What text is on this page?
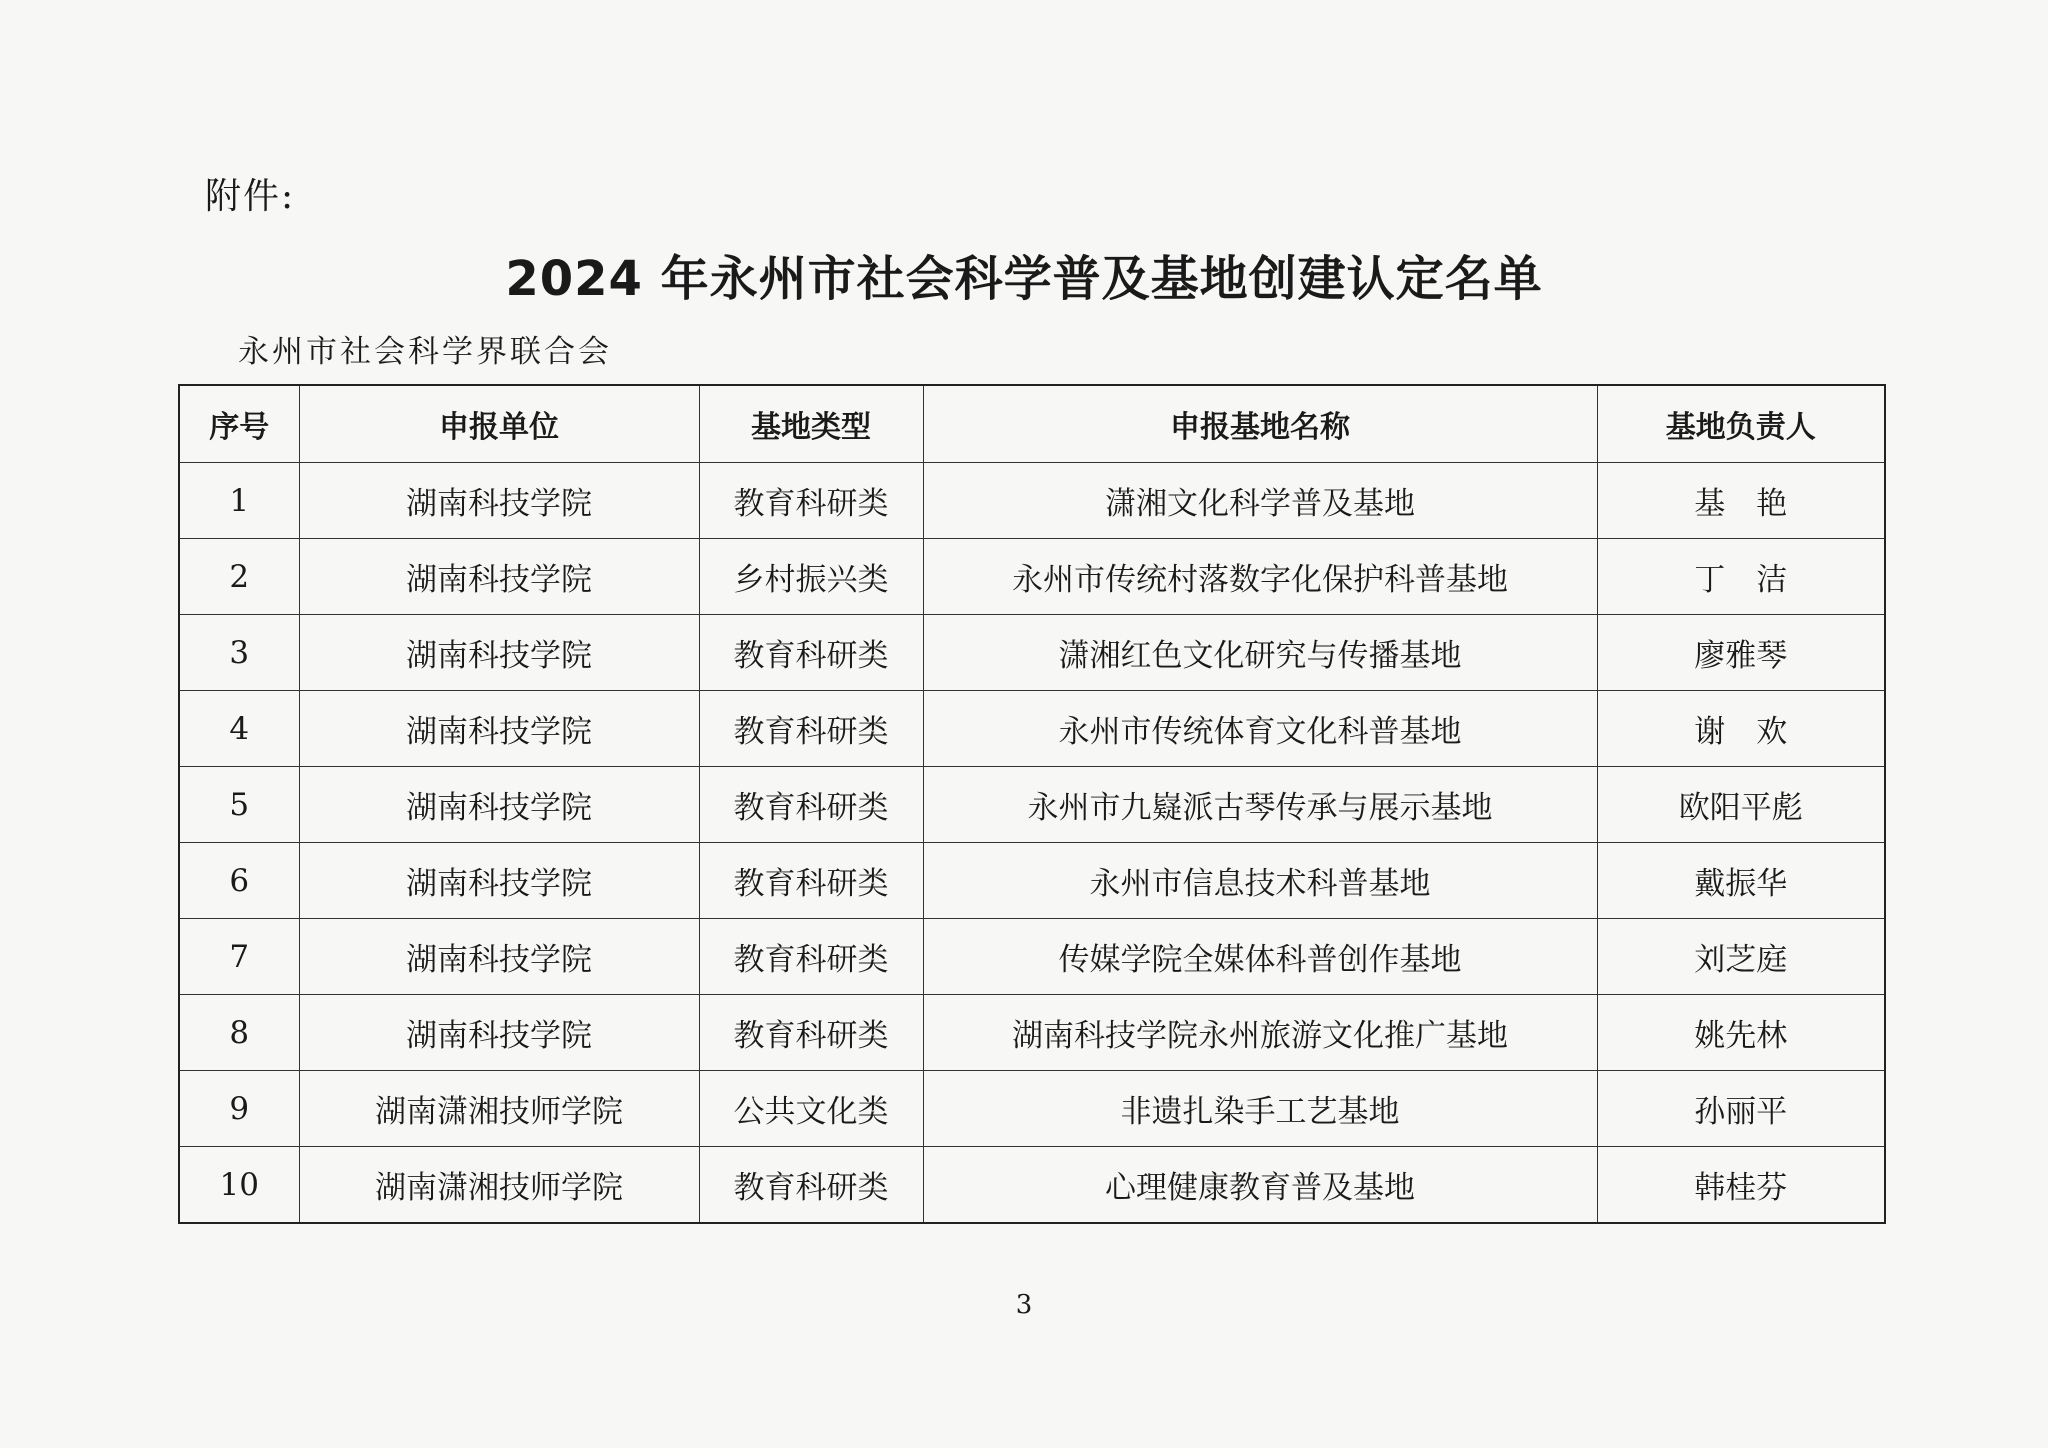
附件:
2024 年永州市社会科学普及基地创建认定名单
永州市社会科学界联合会
序号	申报单位	基地类型	申报基地名称	基地负责人
1	湖南科技学院	教育科研类	潇湘文化科学普及基地	基　艳
2	湖南科技学院	乡村振兴类	永州市传统村落数字化保护科普基地	丁　洁
3	湖南科技学院	教育科研类	潇湘红色文化研究与传播基地	廖雅琴
4	湖南科技学院	教育科研类	永州市传统体育文化科普基地	谢　欢
5	湖南科技学院	教育科研类	永州市九嶷派古琴传承与展示基地	欧阳平彪
6	湖南科技学院	教育科研类	永州市信息技术科普基地	戴振华
7	湖南科技学院	教育科研类	传媒学院全媒体科普创作基地	刘芝庭
8	湖南科技学院	教育科研类	湖南科技学院永州旅游文化推广基地	姚先林
9	湖南潇湘技师学院	公共文化类	非遗扎染手工艺基地	孙丽平
10	湖南潇湘技师学院	教育科研类	心理健康教育普及基地	韩桂芬
3
